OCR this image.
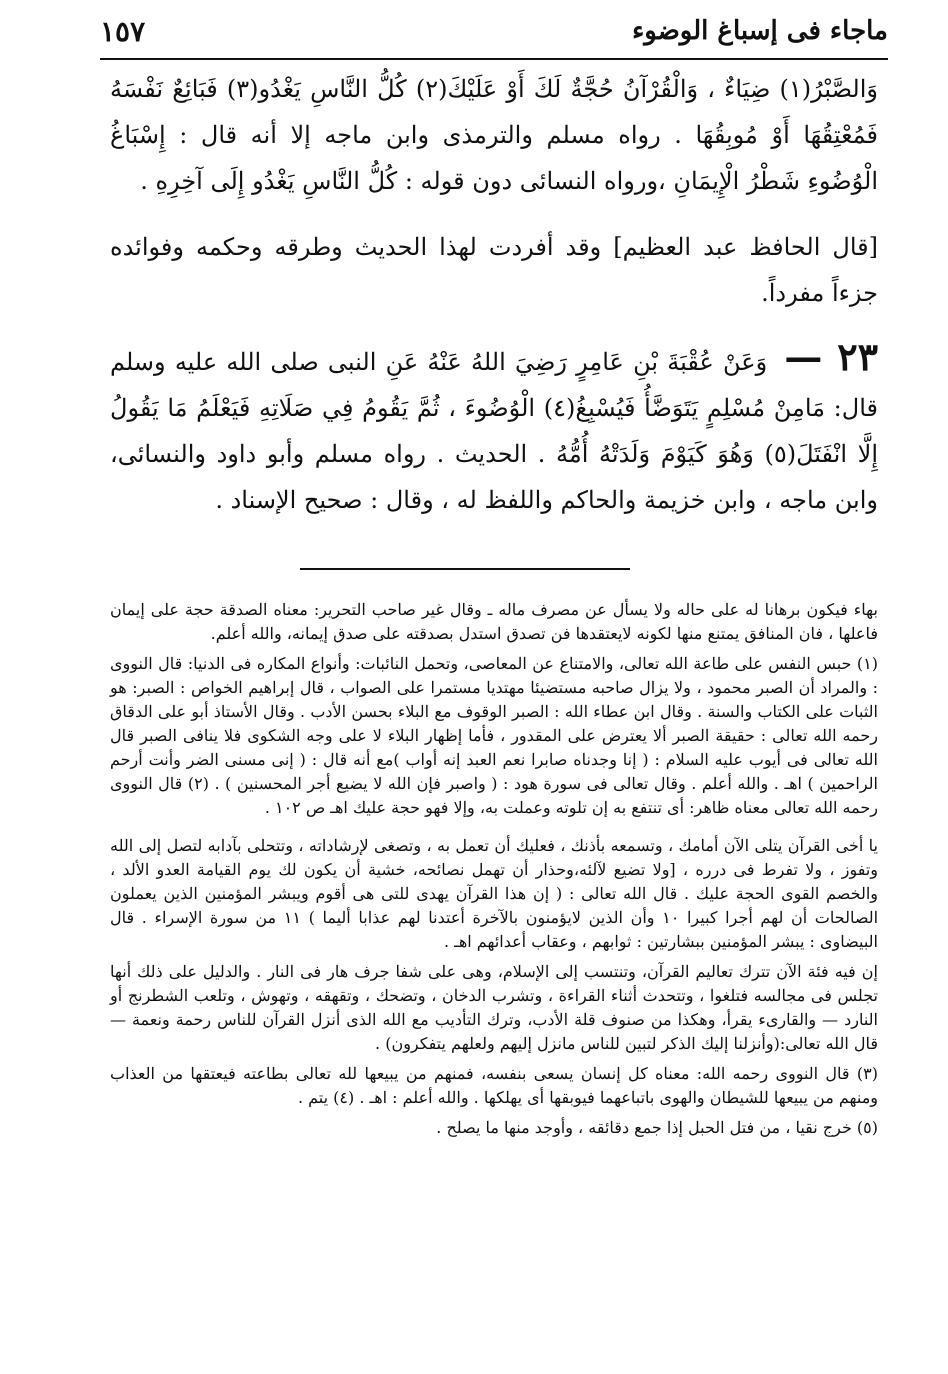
ماجاء فى إسباغ الوضوء
١٥٧

وَالصَّبْرُ(١) ضِيَاءٌ ، وَالْقُرْآنُ حُجَّةٌ لَكَ أَوْ عَلَيْكَ(٢) كُلُّ النَّاسِ يَغْدُو(٣) فَبَائِعٌ نَفْسَهُ فَمُعْتِقُهَا أَوْ مُوبِقُهَا . رواه مسلم والترمذى وابن ماجه إلا أنه قال : إِسْبَاغُ الْوُضُوءِ شَطْرُ الْإِيمَانِ ،ورواه النسائى دون قوله : كُلُّ النَّاسِ يَغْدُو إِلَى آخِرِهِ .

[قال الحافظ عبد العظيم] وقد أفردت لهذا الحديث وطرقه وحكمه وفوائده جزءاً مفرداً.

٢٣ — وَعَنْ عُقْبَةَ بْنِ عَامِرٍ رَضِيَ اللهُ عَنْهُ عَنِ النبى صلى الله عليه وسلم قال: مَامِنْ مُسْلِمٍ يَتَوَضَّأُ فَيُسْبِغُ(٤) الْوُضُوءَ ، ثُمَّ يَقُومُ فِي صَلَاتِهِ فَيَعْلَمُ مَا يَقُولُ إِلَّا انْفَتَلَ(٥) وَهُوَ كَيَوْمَ وَلَدَتْهُ أُمُّهُ . الحديث . رواه مسلم وأبو داود والنسائى، وابن ماجه ، وابن خزيمة والحاكم واللفظ له ، وقال : صحيح الإسناد .

بهاء فيكون برهانا له على حاله ولا يسأل عن مصرف ماله ـ وقال غير صاحب التحرير: معناه الصدقة حجة على إيمان فاعلها ، فان المنافق يمتنع منها لكونه لايعتقدها فن تصدق استدل بصدقته على صدق إيمانه، والله أعلم.

(١) حبس النفس على طاعة الله تعالى، والامتناع عن المعاصى، وتحمل النائبات: وأنواع المكاره فى الدنيا: قال النووى : والمراد أن الصبر محمود ، ولا يزال صاحبه مستضيئا مهتديا مستمرا على الصواب ، قال إبراهيم الخواص : الصبر: هو الثبات على الكتاب والسنة . وقال ابن عطاء الله : الصبر الوقوف مع البلاء بحسن الأدب . وقال الأستاذ أبو على الدقاق رحمه الله تعالى : حقيقة الصبر ألا يعترض على المقدور ، فأما إظهار البلاء لا على وجه الشكوى فلا ينافى الصبر قال الله تعالى فى أيوب عليه السلام : ( إنا وجدناه صابرا نعم العبد إنه أواب )مع أنه قال : ( إنى مسنى الضر وأنت أرحم الراحمين ) اهـ . والله أعلم . وقال تعالى فى سورة هود : ( واصبر فإن الله لا يضيع أجر المحسنين ) . (٢) قال النووى رحمه الله تعالى معناه ظاهر: أى تنتفع به إن تلوته وعملت به، وإلا فهو حجة عليك اهـ ص ١٠٢ .

يا أخى القرآن يتلى الآن أمامك ، وتسمعه بأذنك ، فعليك أن تعمل به ، وتصغى لإرشاداته ، وتتحلى بآدابه لتصل إلى الله وتفوز ، ولا تفرط فى درره ، [ولا تضيع لآلئه،وحذار أن تهمل نصائحه، خشية أن يكون لك يوم القيامة العدو الألد ، والخصم القوى الحجة عليك . قال الله تعالى : ( إن هذا القرآن يهدى للتى هى أقوم ويبشر المؤمنين الذين يعملون الصالحات أن لهم أجرا كبيرا ١٠ وأن الذين لايؤمنون بالآخرة أعتدنا لهم عذابا أليما ) ١١ من سورة الإسراء . قال البيضاوى : يبشر المؤمنين ببشارتين : ثوابهم ، وعقاب أعدائهم اهـ .

إن فيه فئة الآن تترك تعاليم القرآن، وتنتسب إلى الإسلام، وهى على شفا جرف هار فى النار . والدليل على ذلك أنها تجلس فى مجالسه فتلغوا ، وتتحدث أثناء القراءة ، وتشرب الدخان ، وتضحك ، وتقهقه ، وتهوش ، وتلعب الشطرنج أو النارد — والقارىء يقرأ، وهكذا من صنوف قلة الأدب، وترك التأديب مع الله الذى أنزل القرآن للناس رحمة ونعمة — قال الله تعالى:(وأنزلنا إليك الذكر لتبين للناس مانزل إليهم ولعلهم يتفكرون) .

(٣) قال النووى رحمه الله: معناه كل إنسان يسعى بنفسه، فمنهم من يبيعها لله تعالى بطاعته فيعتقها من العذاب ومنهم من يبيعها للشيطان والهوى باتباعهما فيوبقها أى يهلكها . والله أعلم : اهـ . (٤) يتم .

(٥) خرج نقيا ، من فتل الحبل إذا جمع دقائقه ، وأوجد منها ما يصلح .
